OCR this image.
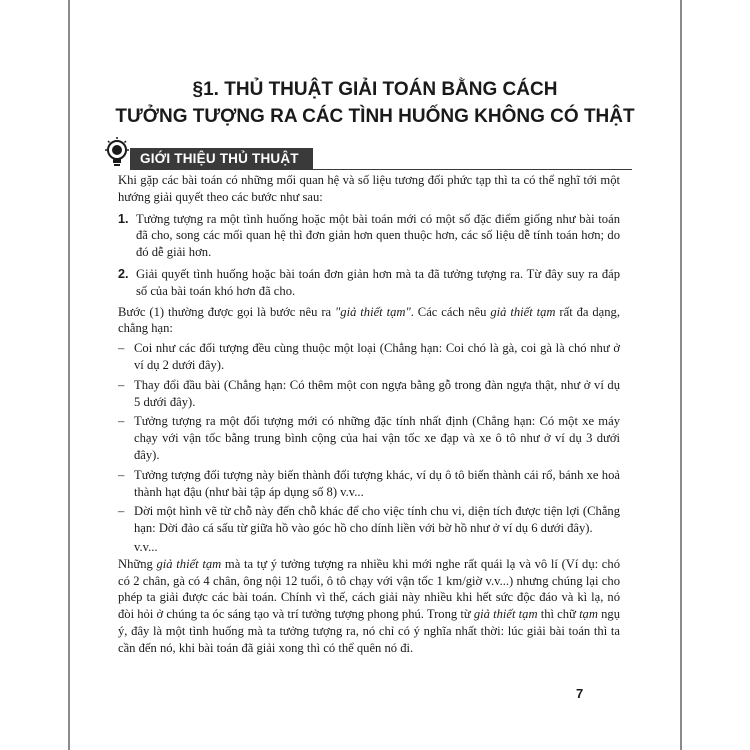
§1. THỦ THUẬT GIẢI TOÁN BẰNG CÁCH
TƯỞNG TƯỢNG RA CÁC TÌNH HUỐNG KHÔNG CÓ THẬT
GIỚI THIỆU THỦ THUẬT

Khi gặp các bài toán có những mối quan hệ và số liệu tương đối phức tạp thì ta có thể nghĩ tới một hướng giải quyết theo các bước như sau:

1. Tưởng tượng ra một tình huống hoặc một bài toán mới có một số đặc điểm giống như bài toán đã cho, song các mối quan hệ thì đơn giản hơn quen thuộc hơn, các số liệu dễ tính toán hơn; do đó dễ giải hơn.
2. Giải quyết tình huống hoặc bài toán đơn giản hơn mà ta đã tưởng tượng ra. Từ đây suy ra đáp số của bài toán khó hơn đã cho.

Bước (1) thường được gọi là bước nêu ra "giả thiết tạm". Các cách nêu giả thiết tạm rất đa dạng, chẳng hạn:

– Coi như các đối tượng đều cùng thuộc một loại (Chẳng hạn: Coi chó là gà, coi gà là chó như ở ví dụ 2 dưới đây).
– Thay đổi đầu bài (Chẳng hạn: Có thêm một con ngựa bằng gỗ trong đàn ngựa thật, như ở ví dụ 5 dưới đây).
– Tưởng tượng ra một đối tượng mới có những đặc tính nhất định (Chẳng hạn: Có một xe máy chạy với vận tốc bằng trung bình cộng của hai vận tốc xe đạp và xe ô tô như ở ví dụ 3 dưới đây).
– Tưởng tượng đối tượng này biến thành đối tượng khác, ví dụ ô tô biến thành cái rổ, bánh xe hoả thành hạt đậu (như bài tập áp dụng số 8) v.v...
– Dời một hình vẽ từ chỗ này đến chỗ khác để cho việc tính chu vi, diện tích được tiện lợi (Chẳng hạn: Dời đảo cá sấu từ giữa hồ vào góc hồ cho dính liền với bờ hồ như ở ví dụ 6 dưới đây).
v.v...

Những giả thiết tạm mà ta tự ý tưởng tượng ra nhiều khi mới nghe rất quái lạ và vô lí (Ví dụ: chó có 2 chân, gà có 4 chân, ông nội 12 tuổi, ô tô chạy với vận tốc 1 km/giờ v.v...) nhưng chúng lại cho phép ta giải được các bài toán. Chính vì thế, cách giải này nhiều khi hết sức độc đáo và kì lạ, nó đòi hỏi ở chúng ta óc sáng tạo và trí tưởng tượng phong phú. Trong từ giả thiết tạm thì chữ tạm ngụ ý, đây là một tình huống mà ta tưởng tượng ra, nó chỉ có ý nghĩa nhất thời: lúc giải bài toán thì ta cần đến nó, khi bài toán đã giải xong thì có thể quên nó đi.

7
